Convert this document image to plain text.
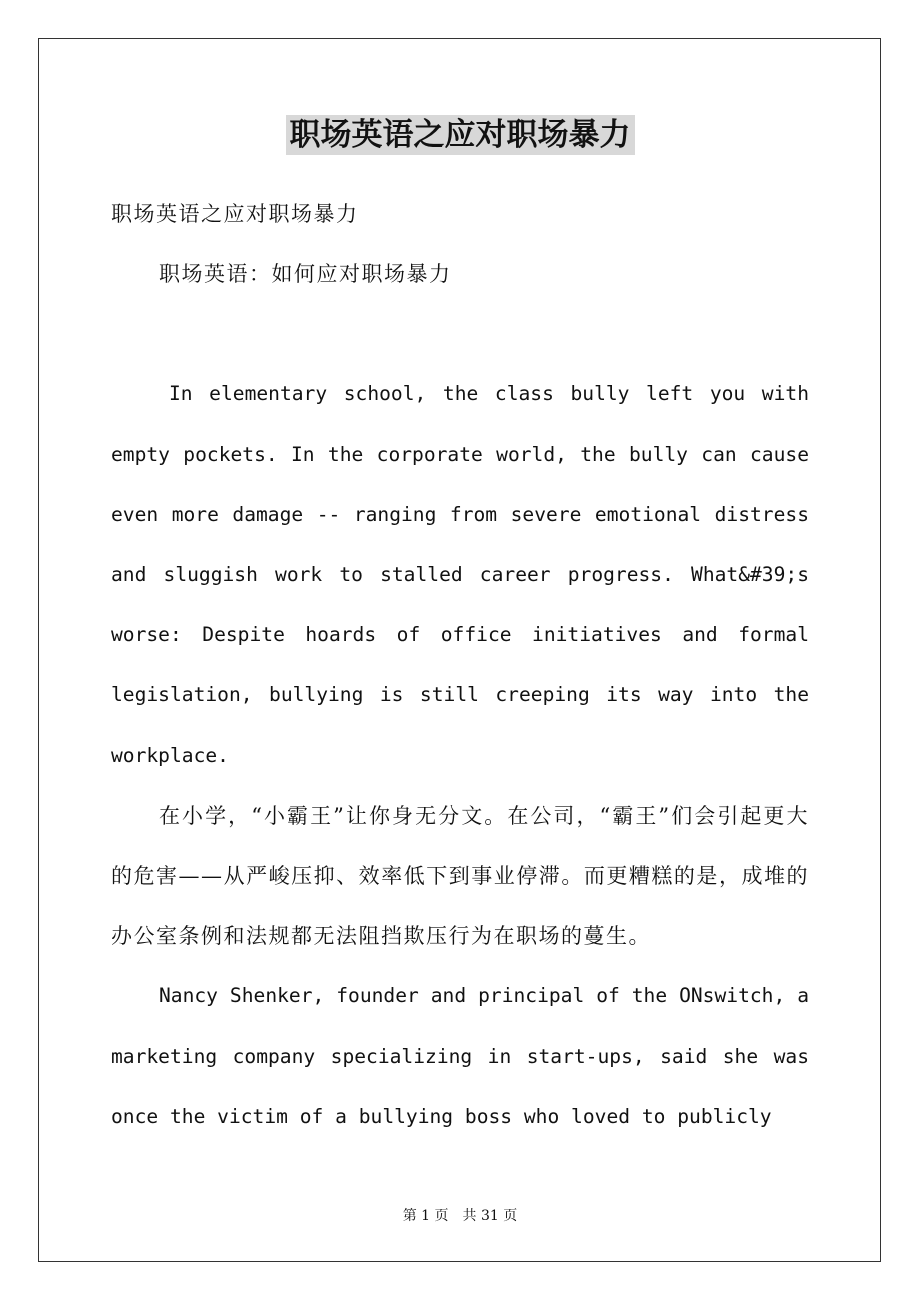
职场英语之应对职场暴力

职场英语之应对职场暴力

职场英语：如何应对职场暴力

In elementary school, the class bully left you with empty pockets. In the corporate world, the bully can cause even more damage -- ranging from severe emotional distress and sluggish work to stalled career progress. What&#39;s worse: Despite hoards of office initiatives and formal legislation, bullying is still creeping its way into the workplace.

在小学，“小霸王”让你身无分文。在公司，“霸王”们会引起更大的危害——从严峻压抑、效率低下到事业停滞。而更糟糕的是，成堆的办公室条例和法规都无法阻挡欺压行为在职场的蔓生。

Nancy Shenker, founder and principal of the ONswitch, a marketing company specializing in start-ups, said she was once the victim of a bullying boss who loved to publicly

第 1 页　共 31 页
